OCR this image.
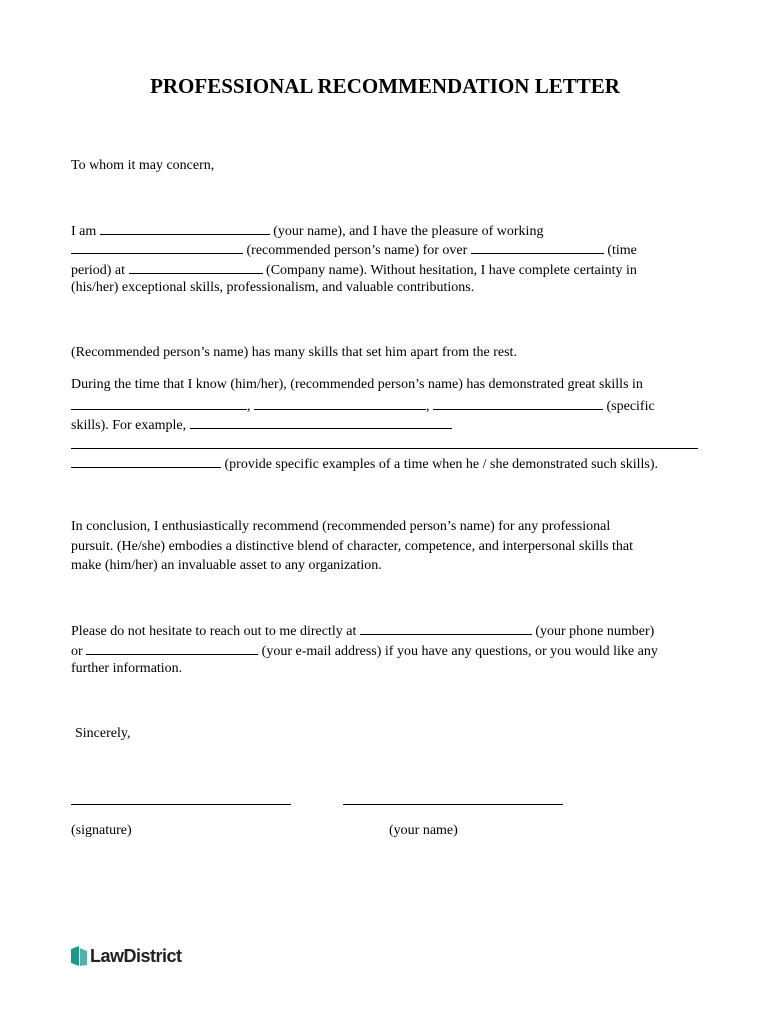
PROFESSIONAL RECOMMENDATION LETTER
To whom it may concern,
I am	(your name), and I have the pleasure of working
(recommended person’s name) for over	(time
period) at	(Company name). Without hesitation, I have complete certainty in
(his/her) exceptional skills, professionalism, and valuable contributions.
(Recommended person’s name) has many skills that set him apart from the rest.
During the time that I know (him/her), (recommended person’s name) has demonstrated great skills in
,	,	(specific
skills). For example,
(provide specific examples of a time when he / she demonstrated such skills).
In conclusion, I enthusiastically recommend (recommended person’s name) for any professional
pursuit. (He/she) embodies a distinctive blend of character, competence, and interpersonal skills that
make (him/her) an invaluable asset to any organization.
Please do not hesitate to reach out to me directly at	(your phone number)
or	(your e-mail address) if you have any questions, or you would like any
further information.
Sincerely,
(signature)	(your name)
LawDistrict
